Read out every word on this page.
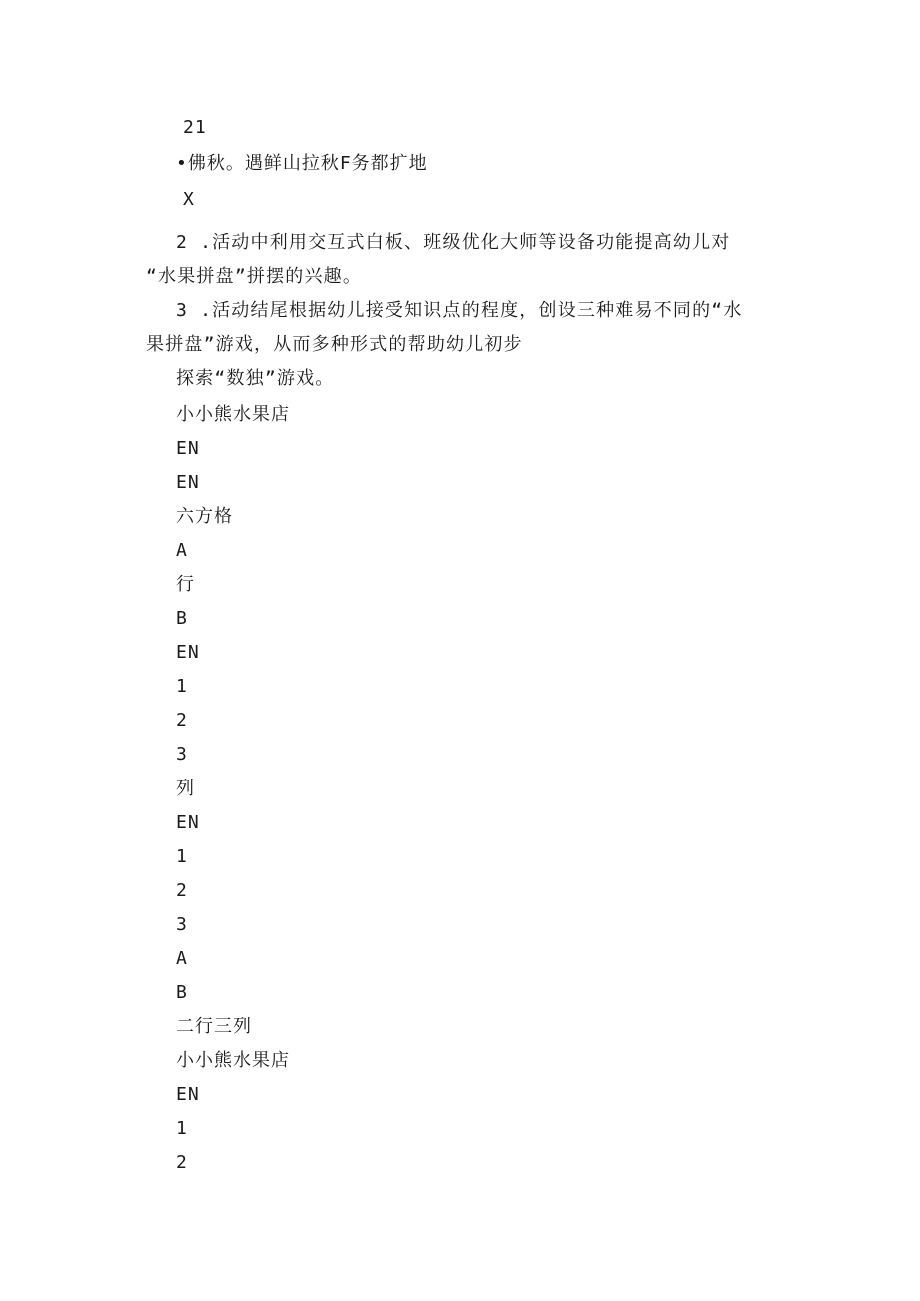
21
•佛秋。遇鲜山拉秋F务都扩地
X
2 .活动中利用交互式白板、班级优化大师等设备功能提高幼儿对
“水果拼盘”拼摆的兴趣。
3 .活动结尾根据幼儿接受知识点的程度，创设三种难易不同的“水
果拼盘”游戏，从而多种形式的帮助幼儿初步
探索“数独”游戏。
小小熊水果店
EN
EN
六方格
A
行
B
EN
1
2
3
列
EN
1
2
3
A
B
二行三列
小小熊水果店
EN
1
2
